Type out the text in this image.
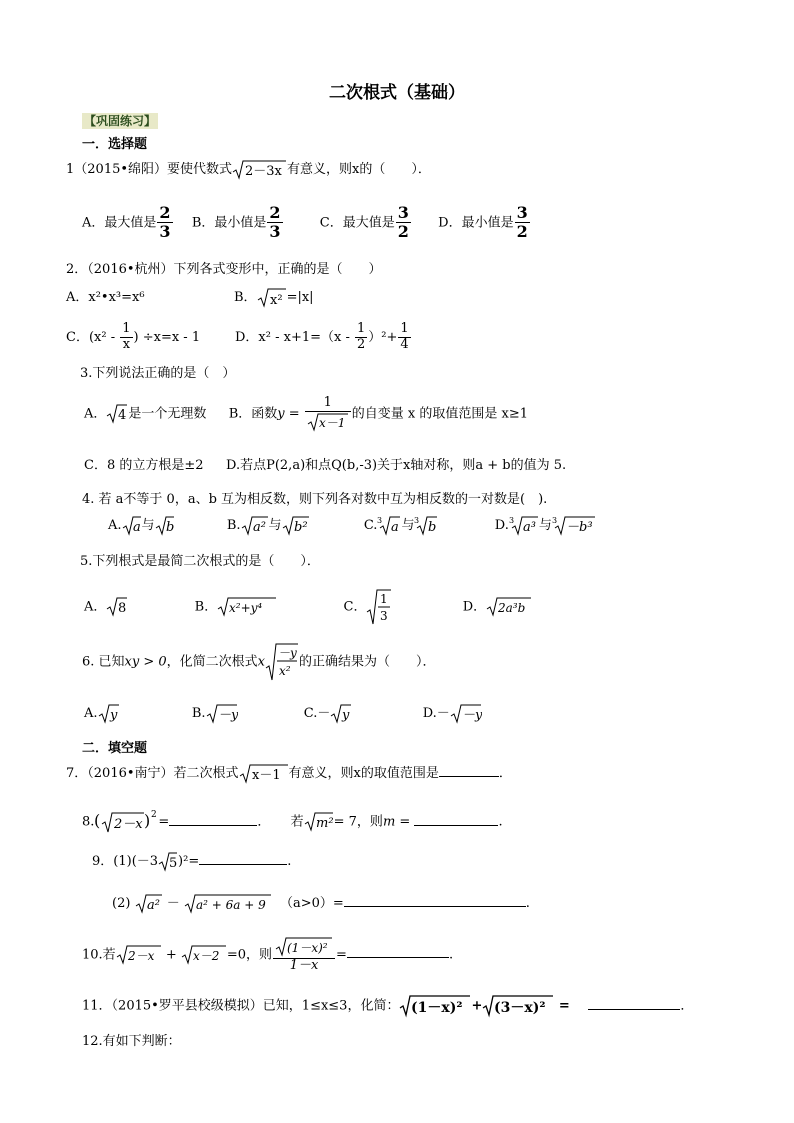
二次根式（基础）
【巩固练习】
一．选择题
1（2015•绵阳）要使代数式 2－3x 有意义，则x的（　　）．
A．最大值是 $\frac{2}{3}$ B．最小值是 $\frac{2}{3}$	C．最大值是 $\frac{3}{2}$ D．最小值是 $\frac{3}{2}$
2．（2016•杭州）下列各式变形中，正确的是（　　）
A．x²•x³=x⁶	B． x² =|x|
C．($x^2 - \frac{1}{x}$ ) ÷x=x - 1	D．$x^2 - x+1=(x - \frac{1}{2} )^2+ \frac{1}{4}$
3.下列说法正确的是（　）
A． 4 是一个无理数 B．函数$y = \frac{1}{x-1}$ 的自变量 x 的取值范围是 x≥1
C．8 的立方根是±2 D.若点P(2,a)和点Q(b,-3)关于x轴对称，则a + b的值为 5.
4. 若 a不等于 0，a、b 互为相反数，则下列各对数中互为相反数的一对数是(　).
A. a 与 b	B. a² 与 b²	C. 3 a 与 3 b	D. 3 a³ 与 3 －b³
5.下列根式是最简二次根式的是（　　）．
A． 8	B． x²+y⁴	C．
1
3
D． 2a³b
6. 已知xy > 0，化简二次根式x
－y
x²
的正确结果为（　　）．
A. y	B. －y	C.－ y	D.－ －y
二．填空题
7．（2016•南宁）若二次根式 x－1 有意义，则x的取值范围是	．
8. ( 2－x ) 2 =	． 若 m² = 7，则m =	.
9．(1)(－3 5 )²=	.
(2) a² － a² + 6a + 9 （a>0）=	.
10.若 2－x + x－2 =0，则 $\frac{\text{(1－x)²}}{1-x}$ =	.
11．（2015•罗平县校级模拟）已知，1≤x≤3，化简： (1－x)² + (3－x)² =	．
12.有如下判断：
